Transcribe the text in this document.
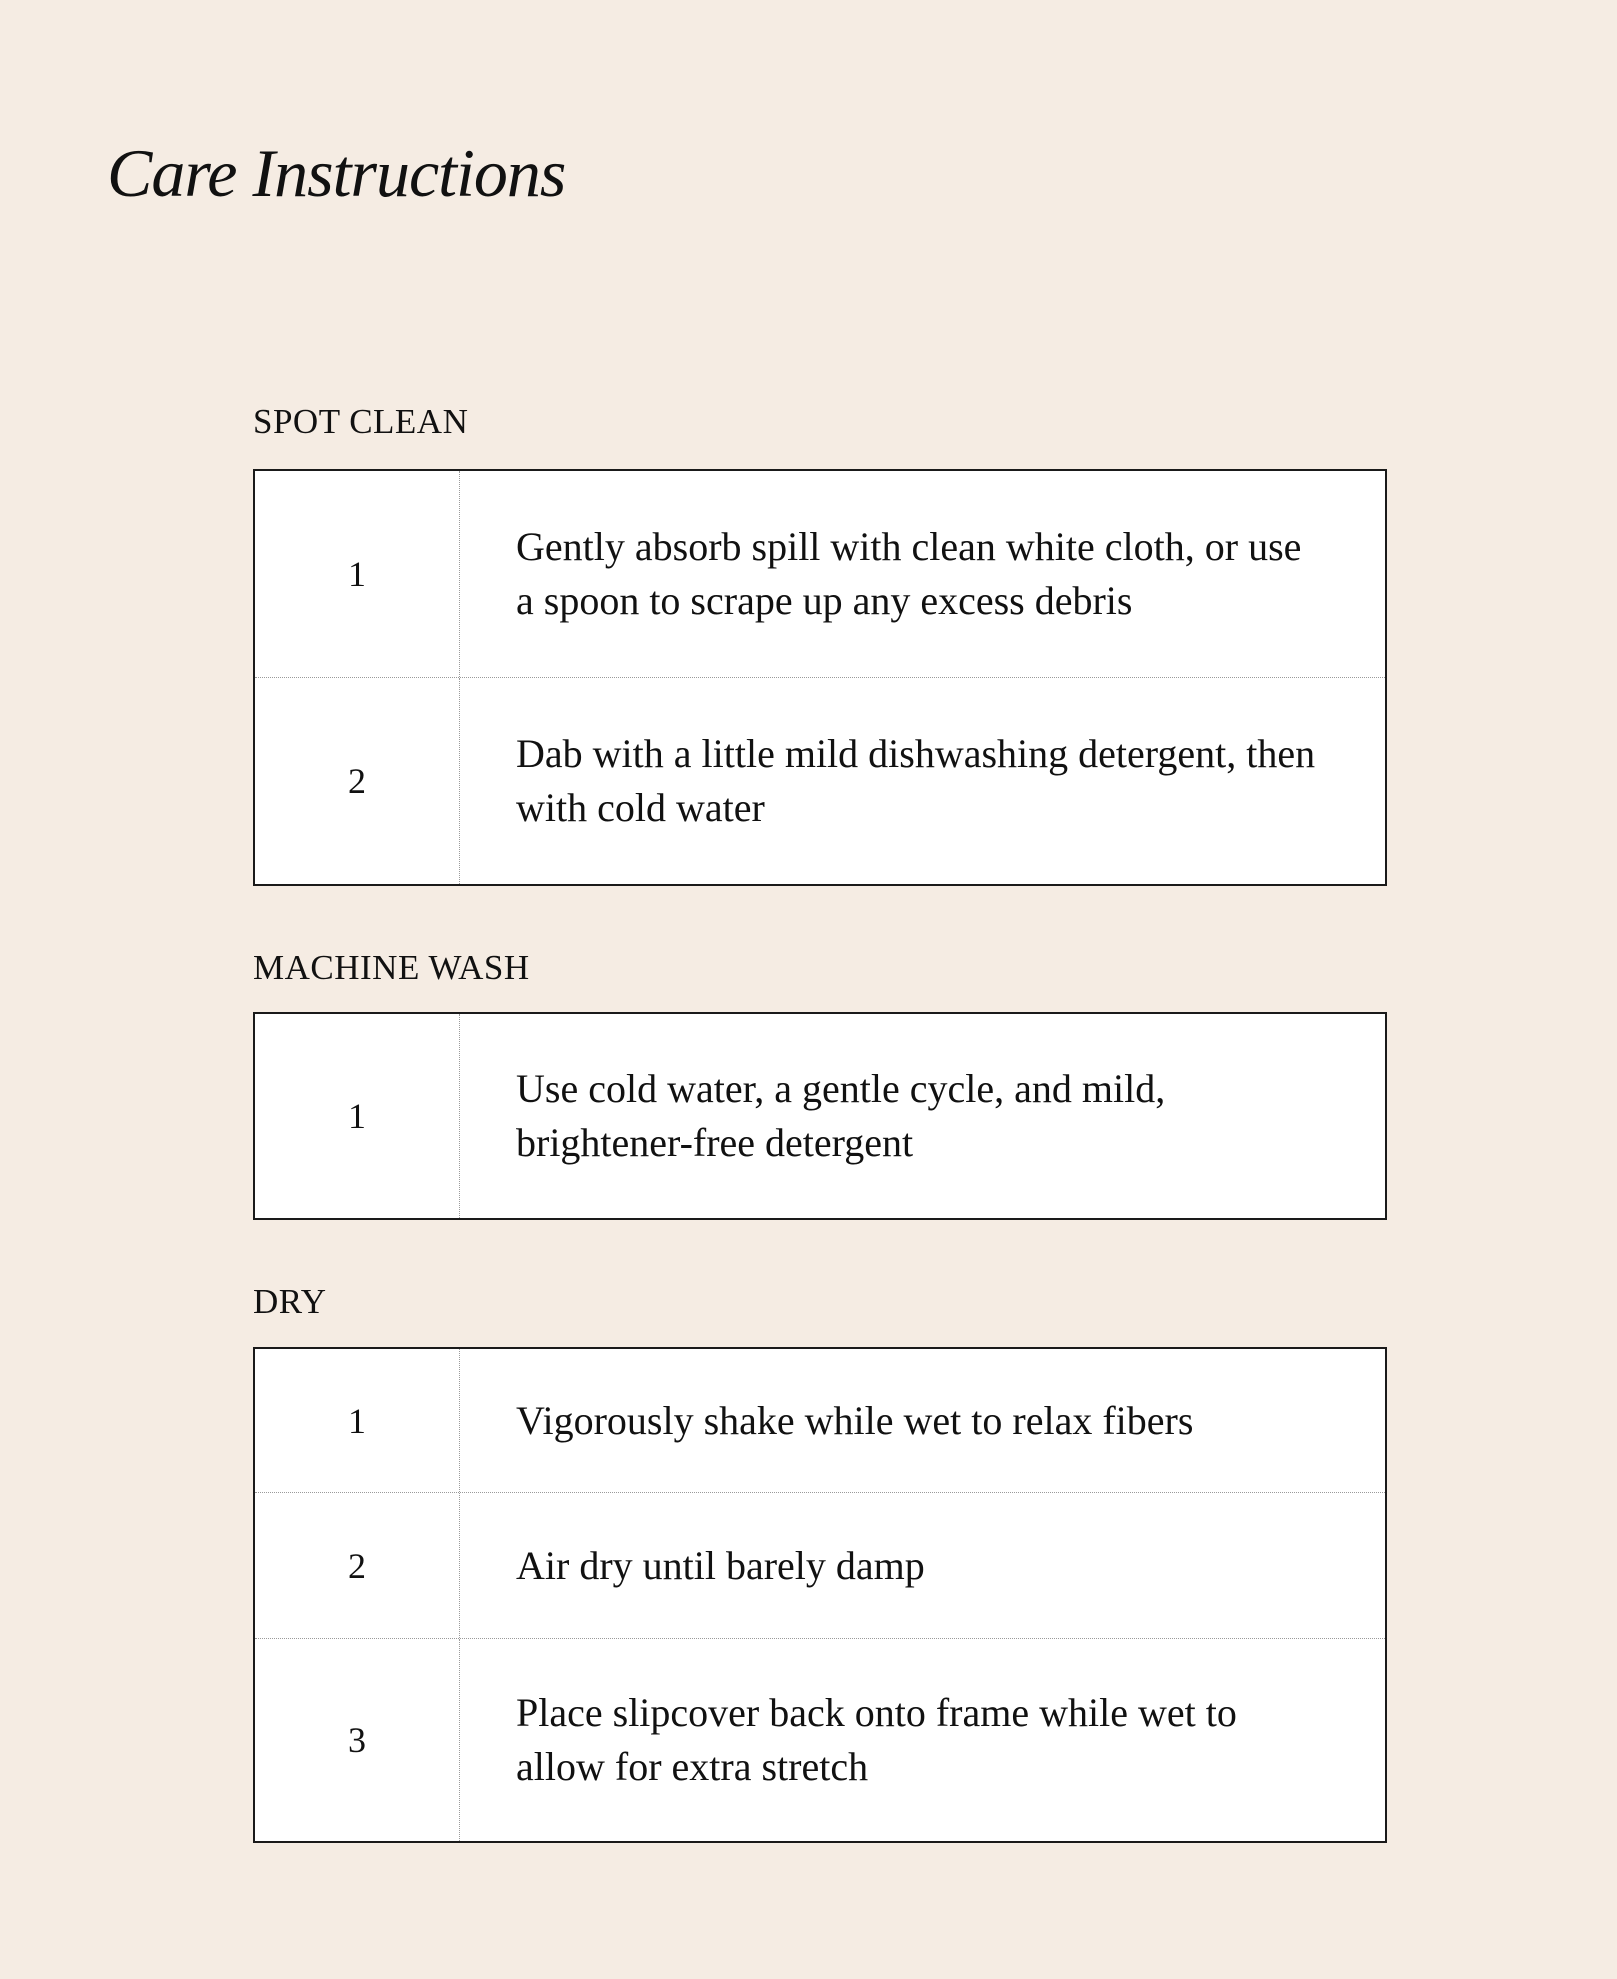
Care Instructions
SPOT CLEAN
1
Gently absorb spill with clean white cloth, or use a spoon to scrape up any excess debris
2
Dab with a little mild dishwashing detergent, then with cold water
MACHINE WASH
1
Use cold water, a gentle cycle, and mild, brightener-free detergent
DRY
1	Vigorously shake while wet to relax fibers
2	Air dry until barely damp
3
Place slipcover back onto frame while wet to allow for extra stretch
